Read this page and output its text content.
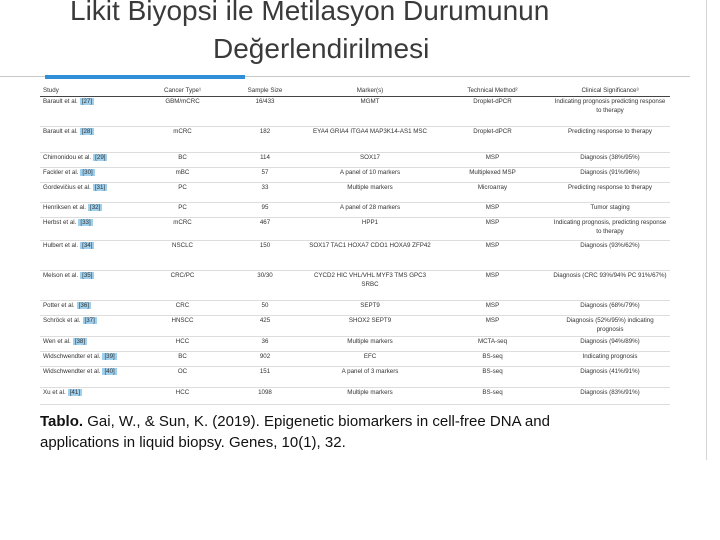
Likit Biyopsi ile Metilasyon Durumunun
Değerlendirilmesi
Study	Cancer Type¹	Sample Size	Marker(s)	Technical Method²	Clinical Significance³
Barault et al. [27]	GBM/mCRC	16/433	MGMT	Droplet-dPCR	Indicating prognosis predicting response to therapy
Barault et al. [28]	mCRC	182	EYA4 GRIA4 ITGA4 MAP3K14-AS1 MSC	Droplet-dPCR	Predicting response to therapy
Chimonidou et al. [29]	BC	114	SOX17	MSP	Diagnosis (38%/95%)
Fackler et al. [30]	mBC	57	A panel of 10 markers	Multiplexed MSP	Diagnosis (91%/96%)
Gordevičius et al. [31]	PC	33	Multiple markers	Microarray	Predicting response to therapy
Henriksen et al. [32]	PC	95	A panel of 28 markers	MSP	Tumor staging
Herbst et al. [33]	mCRC	467	HPP1	MSP	Indicating prognosis, predicting response to therapy
Hulbert et al. [34]	NSCLC	150	SOX17 TAC1 HOXA7 CDO1 HOXA9 ZFP42	MSP	Diagnosis (93%/62%)
Melson et al. [35]	CRC/PC	30/30	CYCD2 HIC VHL/VHL MYF3 TMS GPC3 SRBC	MSP	Diagnosis (CRC 93%/94% PC 91%/67%)
Potter et al. [36]	CRC	50	SEPT9	MSP	Diagnosis (68%/79%)
Schröck et al. [37]	HNSCC	425	SHOX2 SEPT9	MSP	Diagnosis (52%/95%) indicating prognosis
Wen et al. [38]	HCC	36	Multiple markers	MCTA-seq	Diagnosis (94%/89%)
Widschwendter et al. [39]	BC	902	EFC	BS-seq	Indicating prognosis
Widschwendter et al. [40]	OC	151	A panel of 3 markers	BS-seq	Diagnosis (41%/91%)
Xu et al. [41]	HCC	1098	Multiple markers	BS-seq	Diagnosis (83%/91%)
Tablo. Gai, W., & Sun, K. (2019). Epigenetic biomarkers in cell-free DNA and applications in liquid biopsy. Genes, 10(1), 32.
